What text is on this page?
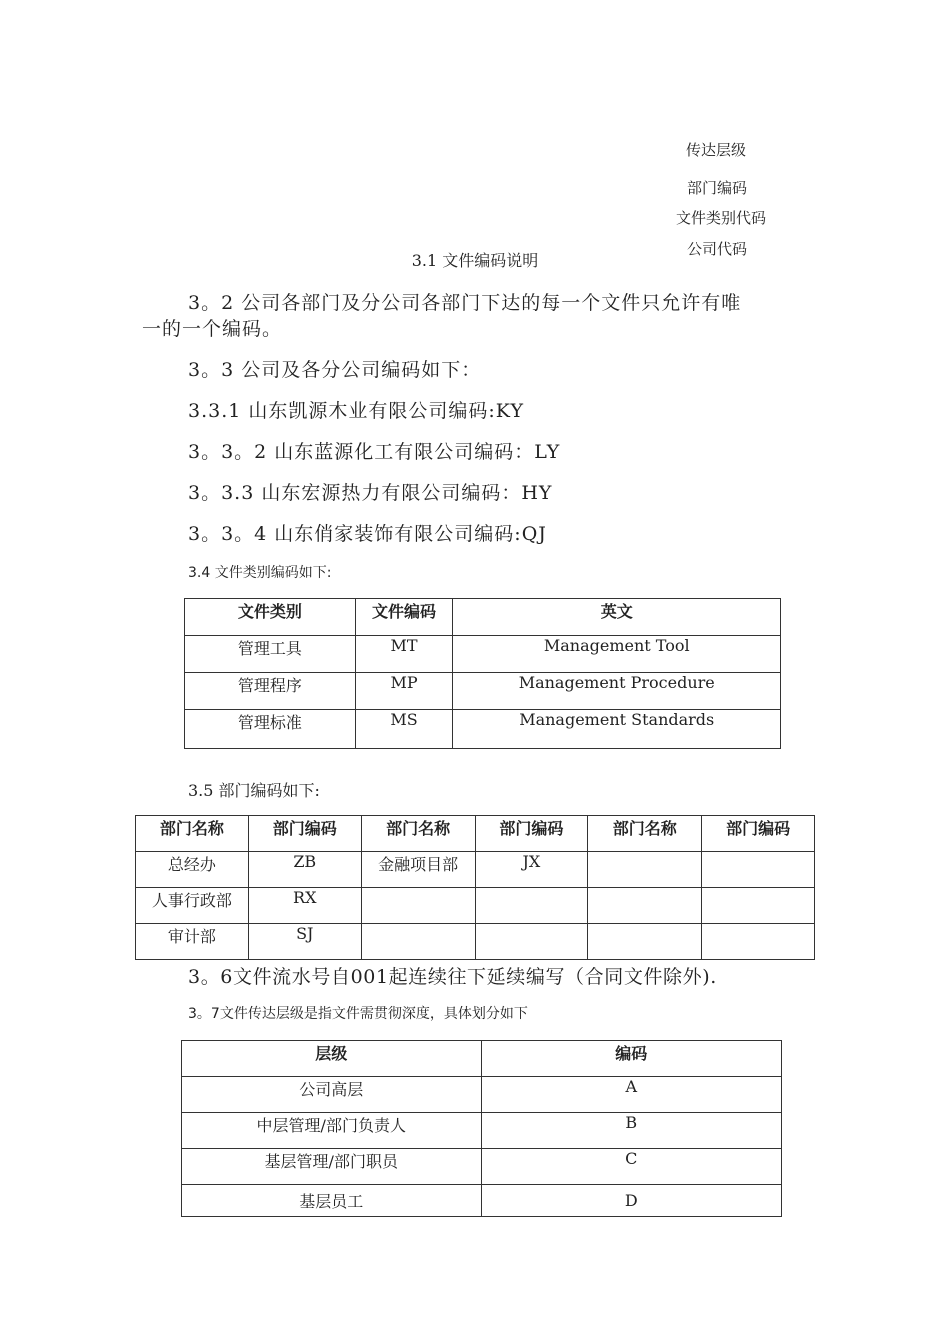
传达层级
部门编码
文件类别代码
公司代码
3.1 文件编码说明
3。2 公司各部门及分公司各部门下达的每一个文件只允许有唯
一的一个编码。
3。3 公司及各分公司编码如下：
3.3.1 山东凯源木业有限公司编码:KY
3。3。2 山东蓝源化工有限公司编码：LY
3。3.3 山东宏源热力有限公司编码：HY
3。3。4 山东俏家装饰有限公司编码:QJ
3.4 文件类别编码如下:
文件类别	文件编码	英文
管理工具	MT	Management Tool
管理程序	MP	Management Procedure
管理标准	MS	Management Standards
3.5 部门编码如下:
部门名称	部门编码	部门名称	部门编码	部门名称	部门编码
总经办	ZB	金融项目部	JX		
人事行政部	RX				
审计部	SJ				
3。6文件流水号自001起连续往下延续编写（合同文件除外).
3。7文件传达层级是指文件需贯彻深度，具体划分如下
层级	编码
公司高层	A
中层管理/部门负责人	B
基层管理/部门职员	C
基层员工	D
